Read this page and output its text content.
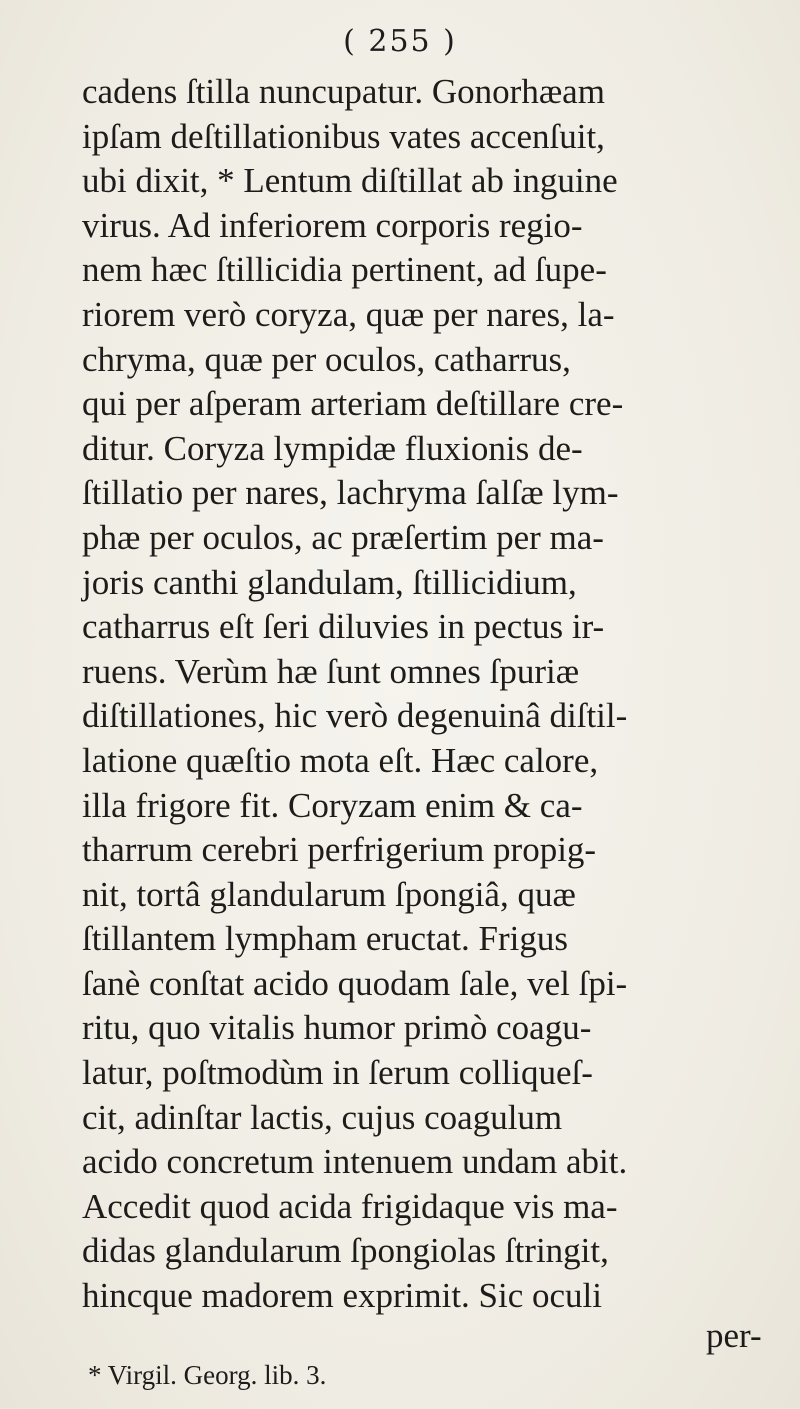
( 255 )
cadens ſtilla nuncupatur. Gonorhæam
ipſam deſtillationibus vates accenſuit,
ubi dixit, * Lentum diſtillat ab inguine
virus. Ad inferiorem corporis regio-
nem hæc ſtillicidia pertinent, ad ſupe-
riorem verò coryza, quæ per nares, la-
chryma, quæ per oculos, catharrus,
qui per aſperam arteriam deſtillare cre-
ditur. Coryza lympidæ fluxionis de-
ſtillatio per nares, lachryma ſalſæ lym-
phæ per oculos, ac præſertim per ma-
joris canthi glandulam, ſtillicidium,
catharrus eſt ſeri diluvies in pectus ir-
ruens. Verùm hæ ſunt omnes ſpuriæ
diſtillationes, hic verò degenuinâ diſtil-
latione quæſtio mota eſt. Hæc calore,
illa frigore fit. Coryzam enim & ca-
tharrum cerebri perfrigerium propig-
nit, tortâ glandularum ſpongiâ, quæ
ſtillantem lympham eructat. Frigus
ſanè conſtat acido quodam ſale, vel ſpi-
ritu, quo vitalis humor primò coagu-
latur, poſtmodùm in ſerum colliqueſ-
cit, adinſtar lactis, cujus coagulum
acido concretum intenuem undam abit.
Accedit quod acida frigidaque vis ma-
didas glandularum ſpongiolas ſtringit,
hincque madorem exprimit. Sic oculi
per-
* Virgil. Georg. lib. 3.
